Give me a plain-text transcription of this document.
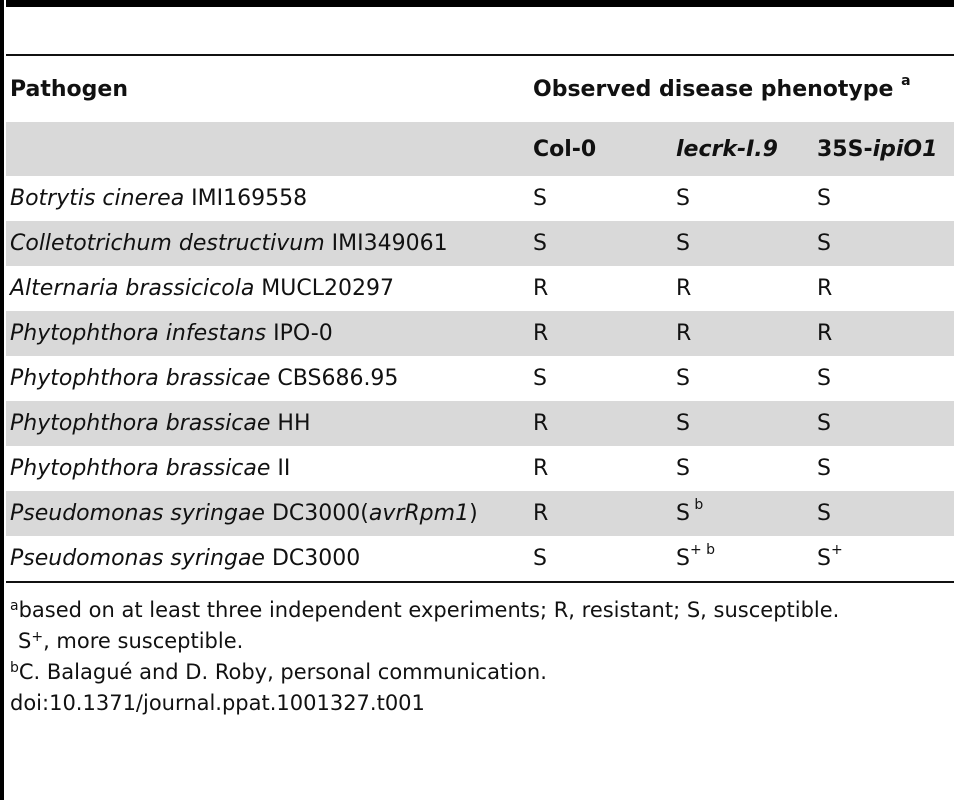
Pathogen	Observed disease phenotype $^a$
	Col-0	lecrk-I.9	35S-ipiO1
Botrytis cinerea IMI169558	S	S	S
Colletotrichum destructivum IMI349061	S	S	S
Alternaria brassicicola MUCL20297	R	R	R
Phytophthora infestans IPO-0	R	R	R
Phytophthora brassicae CBS686.95	S	S	S
Phytophthora brassicae HH	R	S	S
Phytophthora brassicae II	R	S	S
Pseudomonas syringae DC3000(avrRpm1)	R	S $^b$	S
Pseudomonas syringae DC3000	S	$S^{+ b}$	S+

$^a$based on at least three independent experiments; R, resistant; S, susceptible.

S+, more susceptible.

$^b$C. Balagué and D. Roby, personal communication.

doi:10.1371/journal.ppat.1001327.t001
